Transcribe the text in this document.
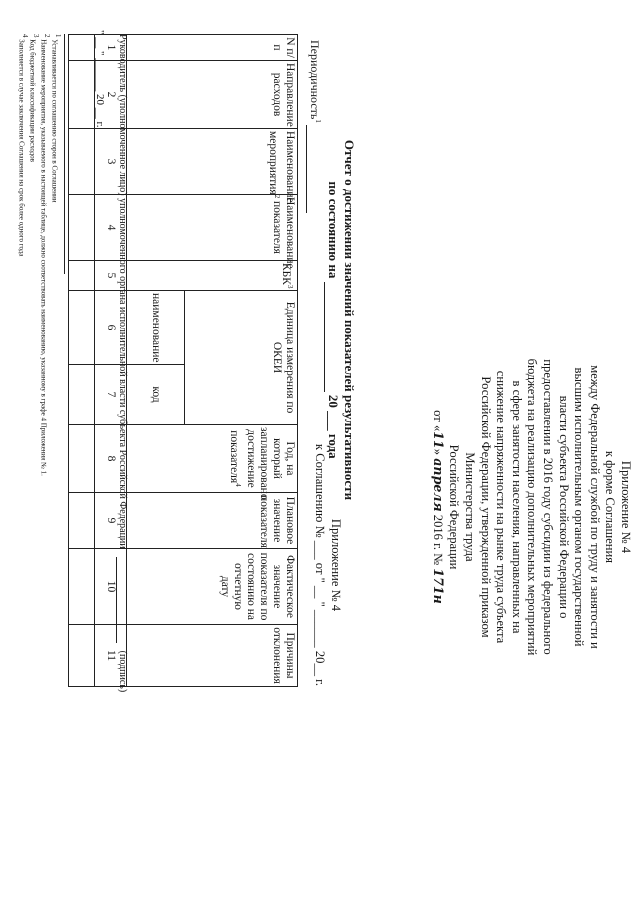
Приложение № 4
к форме Соглашения
между Федеральной службой по труду и занятости и
высшим исполнительным органом государственной
власти субъекта Российской Федерации о
предоставлении в 2016 году субсидии из федерального
бюджета на реализацию дополнительных мероприятий
в сфере занятости населения, направленных на
снижение напряженности на рынке труда субъекта
Российской Федерации, утвержденной приказом
Министерства труда
Российской Федерации
от «11» апреля 2016 г. № 171н
Приложение № 4
к Соглашению № ___ от " __ " ______ 20__ г.
Отчет о достижении значений показателей результативности
по состоянию на   20 ___ года
Периодичность$^1$
N п/п	Направление расходов	Наименование мероприятия$^2$	Наименование показателя	КБК$^3$	Единица измерения по ОКЕИ		Год, на который запланировано достижение показателя$^4$	Плановое значение показателя	Фактическое значение показателя по состоянию на отчетную дату	Причины отклонения	
					наименование	код					
1	2	3	4	5	6	7	8	9	10	11	

Руководитель (уполномоченное лицо) уполномоченного органа исполнительной власти субъекта Российской Федерации (подпись)
" __ " ______ 20 __ г.
$^1$ Устанавливается по соглашению сторон в Соглашении
$^2$ Наименование мероприятия, указываемого в настоящей таблице, должно соответствовать наименованию, указанному в графе 4 Приложения № 1.
$^3$ Код бюджетной классификации расходов
$^4$ Заполняется в случае заключения Соглашения на срок более одного года
